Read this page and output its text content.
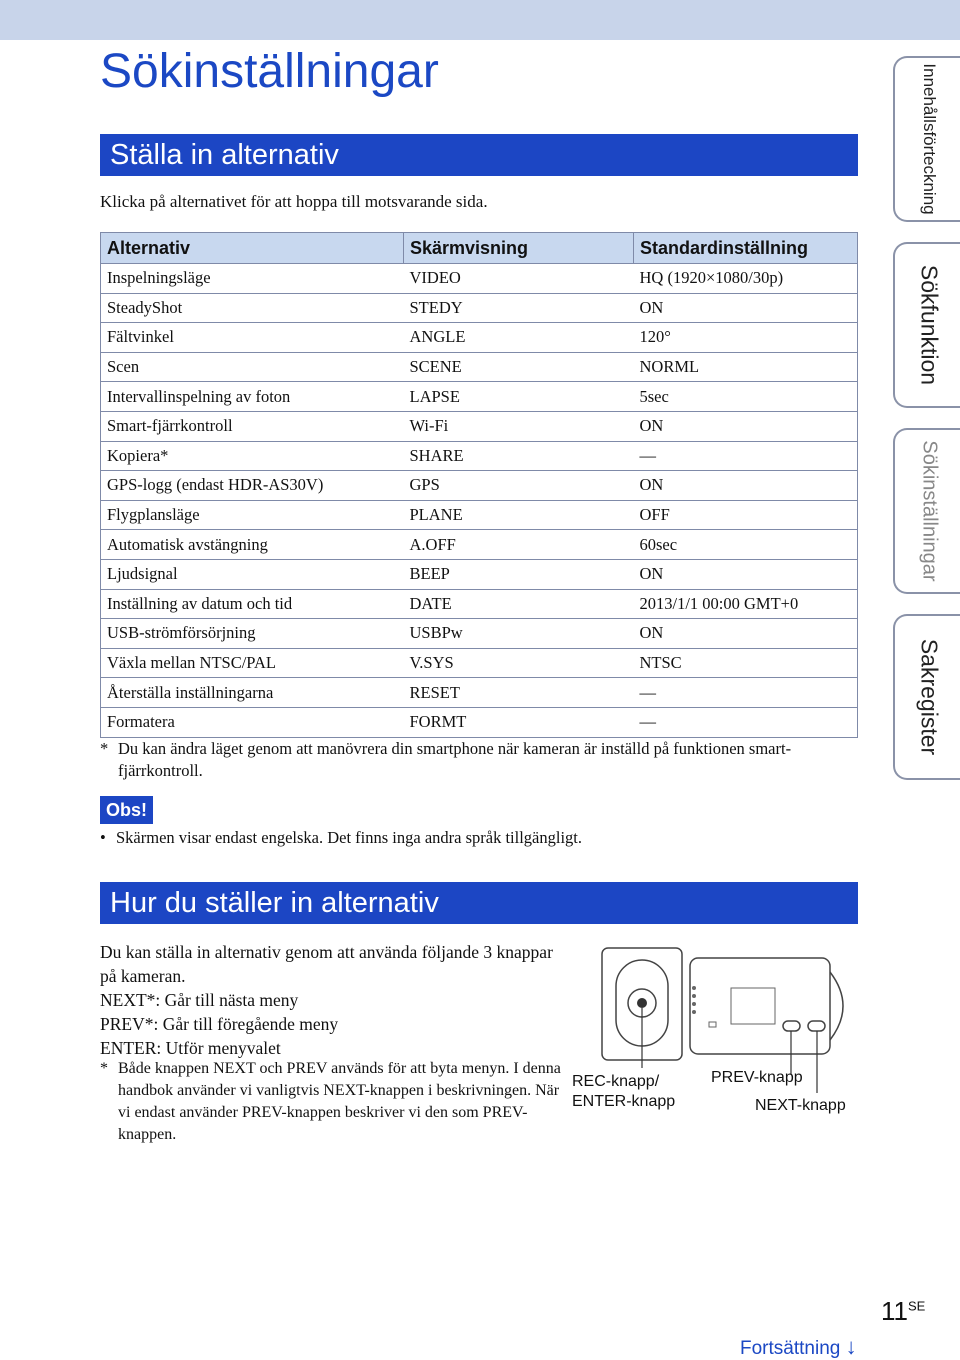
Sökinställningar
Ställa in alternativ
Klicka på alternativet för att hoppa till motsvarande sida.
Alternativ	Skärmvisning	Standardinställning
Inspelningsläge	VIDEO	HQ (1920×1080/30p)
SteadyShot	STEDY	ON
Fältvinkel	ANGLE	120°
Scen	SCENE	NORML
Intervallinspelning av foton	LAPSE	5sec
Smart-fjärrkontroll	Wi-Fi	ON
Kopiera*	SHARE	—
GPS-logg (endast HDR-AS30V)	GPS	ON
Flygplansläge	PLANE	OFF
Automatisk avstängning	A.OFF	60sec
Ljudsignal	BEEP	ON
Inställning av datum och tid	DATE	2013/1/1 00:00 GMT+0
USB-strömförsörjning	USBPw	ON
Växla mellan NTSC/PAL	V.SYS	NTSC
Återställa inställningarna	RESET	—
Formatera	FORMT	—
* Du kan ändra läget genom att manövrera din smartphone när kameran är inställd på funktionen smart-fjärrkontroll.
Obs!
• Skärmen visar endast engelska. Det finns inga andra språk tillgängligt.
Hur du ställer in alternativ
Du kan ställa in alternativ genom att använda följande 3 knappar på kameran.
NEXT*: Går till nästa meny
PREV*: Går till föregående meny
ENTER: Utför menyvalet
* Både knappen NEXT och PREV används för att byta menyn. I denna handbok använder vi vanligtvis NEXT-knappen i beskrivningen. När vi endast använder PREV-knappen beskriver vi den som PREV-knappen.
REC-knapp/
ENTER-knapp
PREV-knapp
NEXT-knapp
Innehållsförteckning
Sökfunktion
Sökinställningar
Sakregister
$11^{SE}$
Fortsättning ↓
